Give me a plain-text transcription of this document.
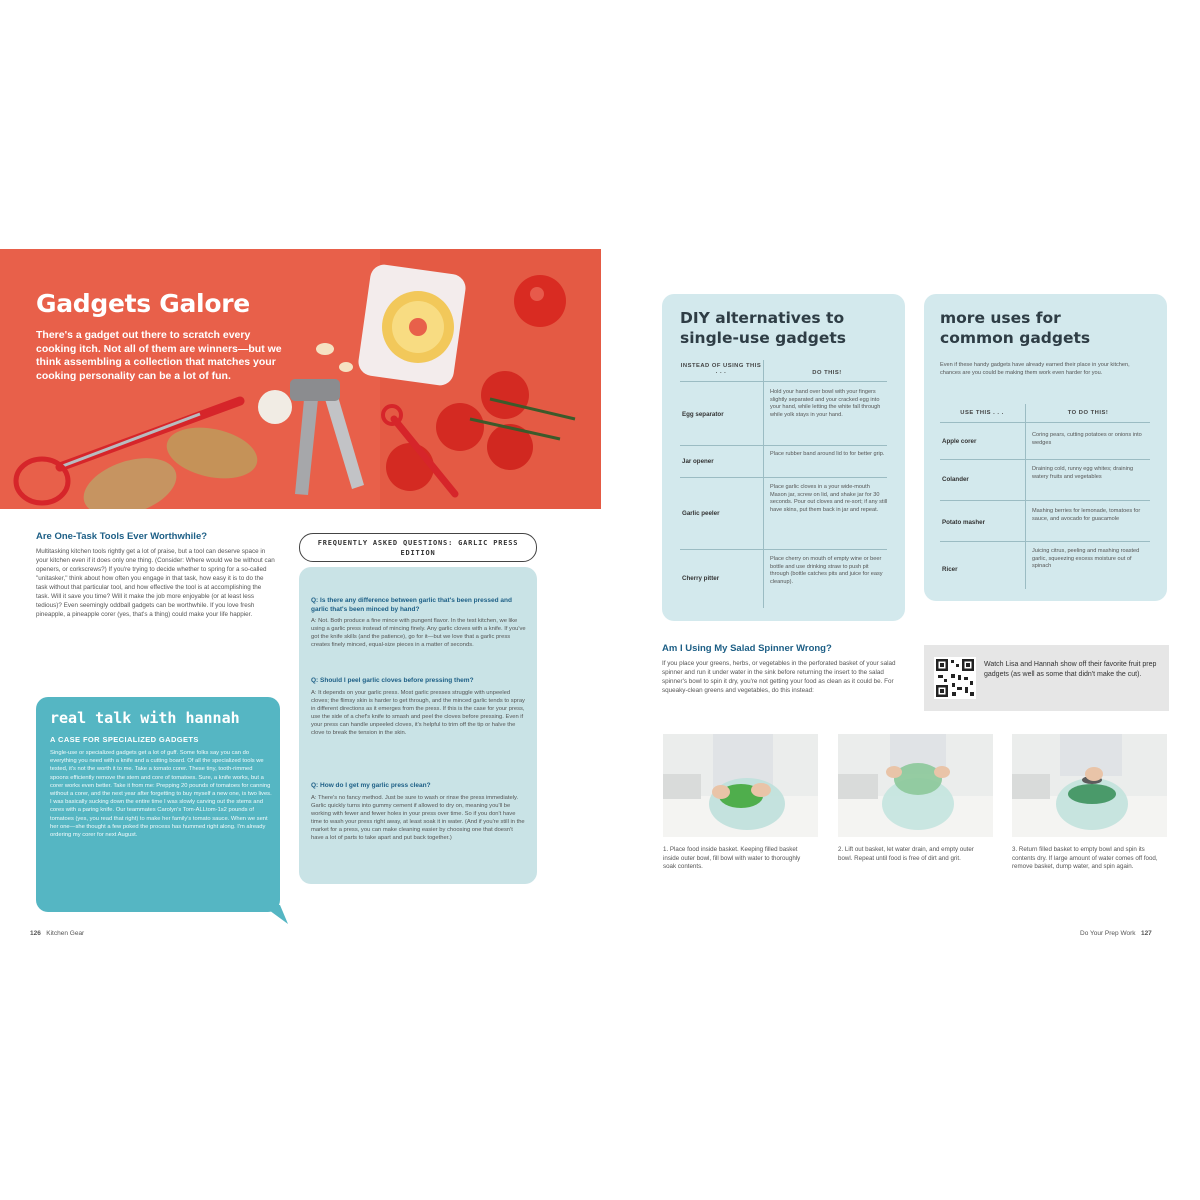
Gadgets Galore

There's a gadget out there to scratch every cooking itch. Not all of them are winners—but we think assembling a collection that matches your cooking personality can be a lot of fun.

Are One-Task Tools Ever Worthwhile?

Multitasking kitchen tools rightly get a lot of praise, but a tool can deserve space in your kitchen even if it does only one thing. (Consider: Where would we be without can openers, or corkscrews?) If you're trying to decide whether to spring for a so-called "unitasker," think about how often you engage in that task, how easy it is to do the task without that particular tool, and how effective the tool is at accomplishing the task. Will it save you time? Will it make the job more enjoyable (or at least less tedious)? Even seemingly oddball gadgets can be worthwhile. If you love fresh pineapple, a pineapple corer (yes, that's a thing) could make your life happier.

real talk with hannah

A CASE FOR SPECIALIZED GADGETS

Single-use or specialized gadgets get a lot of guff. Some folks say you can do everything you need with a knife and a cutting board. Of all the specialized tools we tested, it's not the worth it to me. Take a tomato corer. These tiny, tooth-rimmed spoons efficiently remove the stem and core of tomatoes. Sure, a knife works, but a corer works even better. Take it from me: Prepping 20 pounds of tomatoes for canning without a corer, and the next year after forgetting to buy myself a new one, is two lives. I was basically sucking down the entire time I was slowly carving out the stems and cores with a paring knife. Our teammates Carolyn's Tom-ALLtom-1s2 pounds of tomatoes (yes, you read that right) to make her family's tomato sauce. When we sent her one—she thought a few poked the process has hummed right along. I'm already ordering my corer for next August.

FREQUENTLY ASKED QUESTIONS: GARLIC PRESS EDITION

Q: Is there any difference between garlic that's been pressed and garlic that's been minced by hand?

A: Not. Both produce a fine mince with pungent flavor. In the test kitchen, we like using a garlic press instead of mincing finely. Any garlic cloves with a knife. If you've got the knife skills (and the patience), go for it—but we love that a garlic press creates finely minced, equal-size pieces in a matter of seconds.

Q: Should I peel garlic cloves before pressing them?

A: It depends on your garlic press. Most garlic presses struggle with unpeeled cloves; the flimsy skin is harder to get through, and the minced garlic tends to spray in different directions as it emerges from the press. If this is the case for your press, use the side of a chef's knife to smash and peel the cloves before pressing. Even if your press can handle unpeeled cloves, it's helpful to trim off the tip or halve the clove to break the tension in the skin.

Q: How do I get my garlic press clean?

A: There's no fancy method. Just be sure to wash or rinse the press immediately. Garlic quickly turns into gummy cement if allowed to dry on, meaning you'll be working with fewer and fewer holes in your press over time. So if you don't have time to wash your press right away, at least soak it in water. (And if you're still in the market for a press, you can make cleaning easier by choosing one that doesn't have a lot of parts to take apart and put back together.)

126 Kitchen Gear
DIY alternatives to
single-use gadgets
INSTEAD OF USING THIS . . .	DO THIS!
Egg separator
Hold your hand over bowl with your fingers slightly separated and your cracked egg into your hand, while letting the white fall through while yolk stays in your hand.
Jar opener
Place rubber band around lid to for better grip.
Garlic peeler
Place garlic cloves in a your wide-mouth Mason jar, screw on lid, and shake jar for 30 seconds. Pour out cloves and re-sort; if any still have skins, put them back in jar and repeat.
Cherry pitter
Place cherry on mouth of empty wine or beer bottle and use drinking straw to push pit through (bottle catches pits and juice for easy cleanup).
more uses for
common gadgets

Even if these handy gadgets have already earned their place in your kitchen, chances are you could be making them work even harder for you.

USE THIS . . .	TO DO THIS!
Apple corer
Coring pears, cutting potatoes or onions into wedges
Colander
Draining cold, runny egg whites; draining watery fruits and vegetables
Potato masher
Mashing berries for lemonade, tomatoes for sauce, and avocado for guacamole
Ricer
Juicing citrus, peeling and mashing roasted garlic, squeezing excess moisture out of spinach
Am I Using My Salad Spinner Wrong?

If you place your greens, herbs, or vegetables in the perforated basket of your salad spinner and run it under water in the sink before returning the insert to the salad spinner's bowl to spin it dry, you're not getting your food as clean as it could be. For squeaky-clean greens and vegetables, do this instead:

Watch Lisa and Hannah show off their favorite fruit prep gadgets (as well as some that didn't make the cut).

1. Place food inside basket. Keeping filled basket inside outer bowl, fill bowl with water to thoroughly soak contents.

2. Lift out basket, let water drain, and empty outer bowl. Repeat until food is free of dirt and grit.

3. Return filled basket to empty bowl and spin its contents dry. If large amount of water comes off food, remove basket, dump water, and spin again.

Do Your Prep Work 127
